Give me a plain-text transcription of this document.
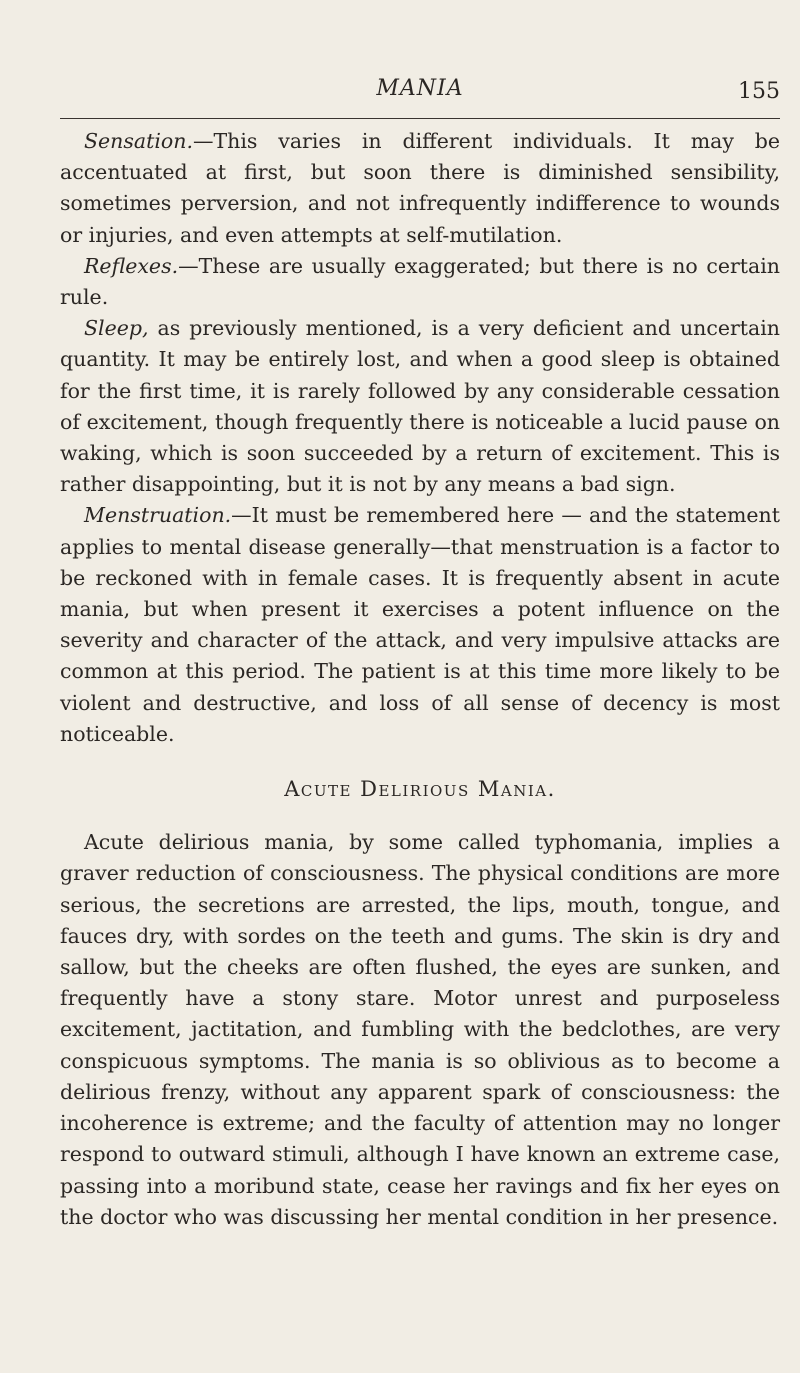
MANIA	155

Sensation.—This varies in different individuals. It may be accentuated at first, but soon there is diminished sensibility, sometimes perversion, and not infrequently indifference to wounds or injuries, and even attempts at self-mutilation.

Reflexes.—These are usually exaggerated; but there is no certain rule.

Sleep, as previously mentioned, is a very deficient and uncertain quantity. It may be entirely lost, and when a good sleep is obtained for the first time, it is rarely followed by any considerable cessation of excitement, though frequently there is noticeable a lucid pause on waking, which is soon succeeded by a return of excitement. This is rather disappointing, but it is not by any means a bad sign.

Menstruation.—It must be remembered here — and the statement applies to mental disease generally—that menstruation is a factor to be reckoned with in female cases. It is frequently absent in acute mania, but when present it exercises a potent influence on the severity and character of the attack, and very impulsive attacks are common at this period. The patient is at this time more likely to be violent and destructive, and loss of all sense of decency is most noticeable.

Acute Delirious Mania.

Acute delirious mania, by some called typhomania, implies a graver reduction of consciousness. The physical conditions are more serious, the secretions are arrested, the lips, mouth, tongue, and fauces dry, with sordes on the teeth and gums. The skin is dry and sallow, but the cheeks are often flushed, the eyes are sunken, and frequently have a stony stare. Motor unrest and purposeless excitement, jactitation, and fumbling with the bedclothes, are very conspicuous symptoms. The mania is so oblivious as to become a delirious frenzy, without any apparent spark of consciousness: the incoherence is extreme; and the faculty of attention may no longer respond to outward stimuli, although I have known an extreme case, passing into a moribund state, cease her ravings and fix her eyes on the doctor who was discussing her mental condition in her presence.
